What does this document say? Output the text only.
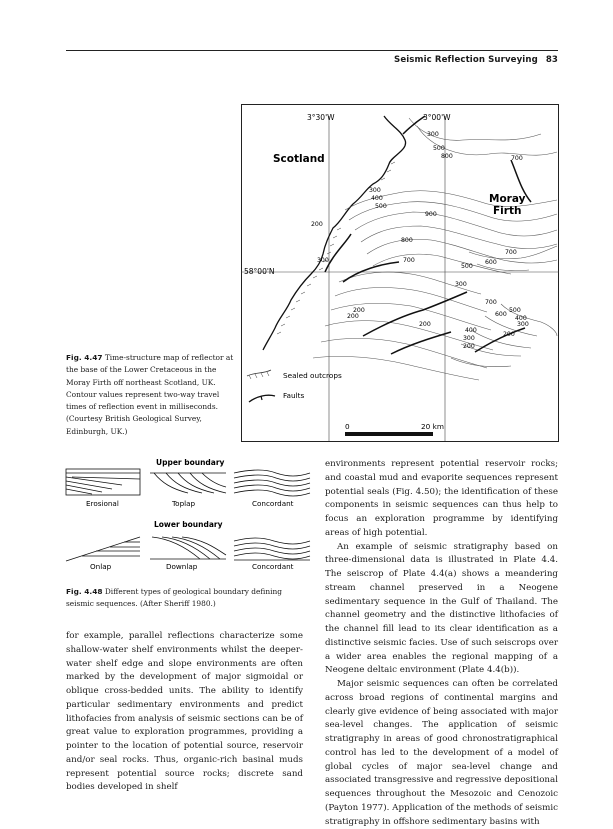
Seismic Reflection Surveying 83
3°30'W	3°00'W
58°00'N
Scotland
Moray
Firth
300
500
800	700
300
400
500
900
200
800
700
300
500
600
700
300
200
200
700
600
500
400
300
200
400
300
200
200
Sealed outcrops
Faults
0	20 km
Fig. 4.47 Time-structure map of reflector at the base of the Lower Cretaceous in the Moray Firth off northeast Scotland, UK. Contour values represent two-way travel times of reflection event in milliseconds. (Courtesy British Geological Survey, Edinburgh, UK.)
Upper boundary
Erosional	Toplap	Concordant
Lower boundary
Onlap	Downlap	Concordant
Fig. 4.48 Different types of geological boundary defining seismic sequences. (After Sheriff 1980.)

environments represent potential reservoir rocks; and coastal mud and evaporite sequences represent potential seals (Fig. 4.50); the identification of these components in seismic sequences can thus help to focus an exploration programme by identifying areas of high potential.

An example of seismic stratigraphy based on three-dimensional data is illustrated in Plate 4.4. The seiscrop of Plate 4.4(a) shows a meandering stream channel preserved in a Neogene sedimentary sequence in the Gulf of Thailand. The channel geometry and the distinctive lithofacies of the channel fill lead to its clear identification as a distinctive seismic facies. Use of such seiscrops over a wider area enables the regional mapping of a Neogene deltaic environment (Plate 4.4(b)).

Major seismic sequences can often be correlated across broad regions of continental margins and clearly give evidence of being associated with major sea-level changes. The application of seismic stratigraphy in areas of good chronostratigraphical control has led to the development of a model of global cycles of major sea-level change and associated transgressive and regressive depositional sequences throughout the Mesozoic and Cenozoic (Payton 1977). Application of the methods of seismic stratigraphy in offshore sedimentary basins with

for example, parallel reflections characterize some shallow-water shelf environments whilst the deeper-water shelf edge and slope environments are often marked by the development of major sigmoidal or oblique cross-bedded units. The ability to identify particular sedimentary environments and predict lithofacies from analysis of seismic sections can be of great value to exploration programmes, providing a pointer to the location of potential source, reservoir and/or seal rocks. Thus, organic-rich basinal muds represent potential source rocks; discrete sand bodies developed in shelf
